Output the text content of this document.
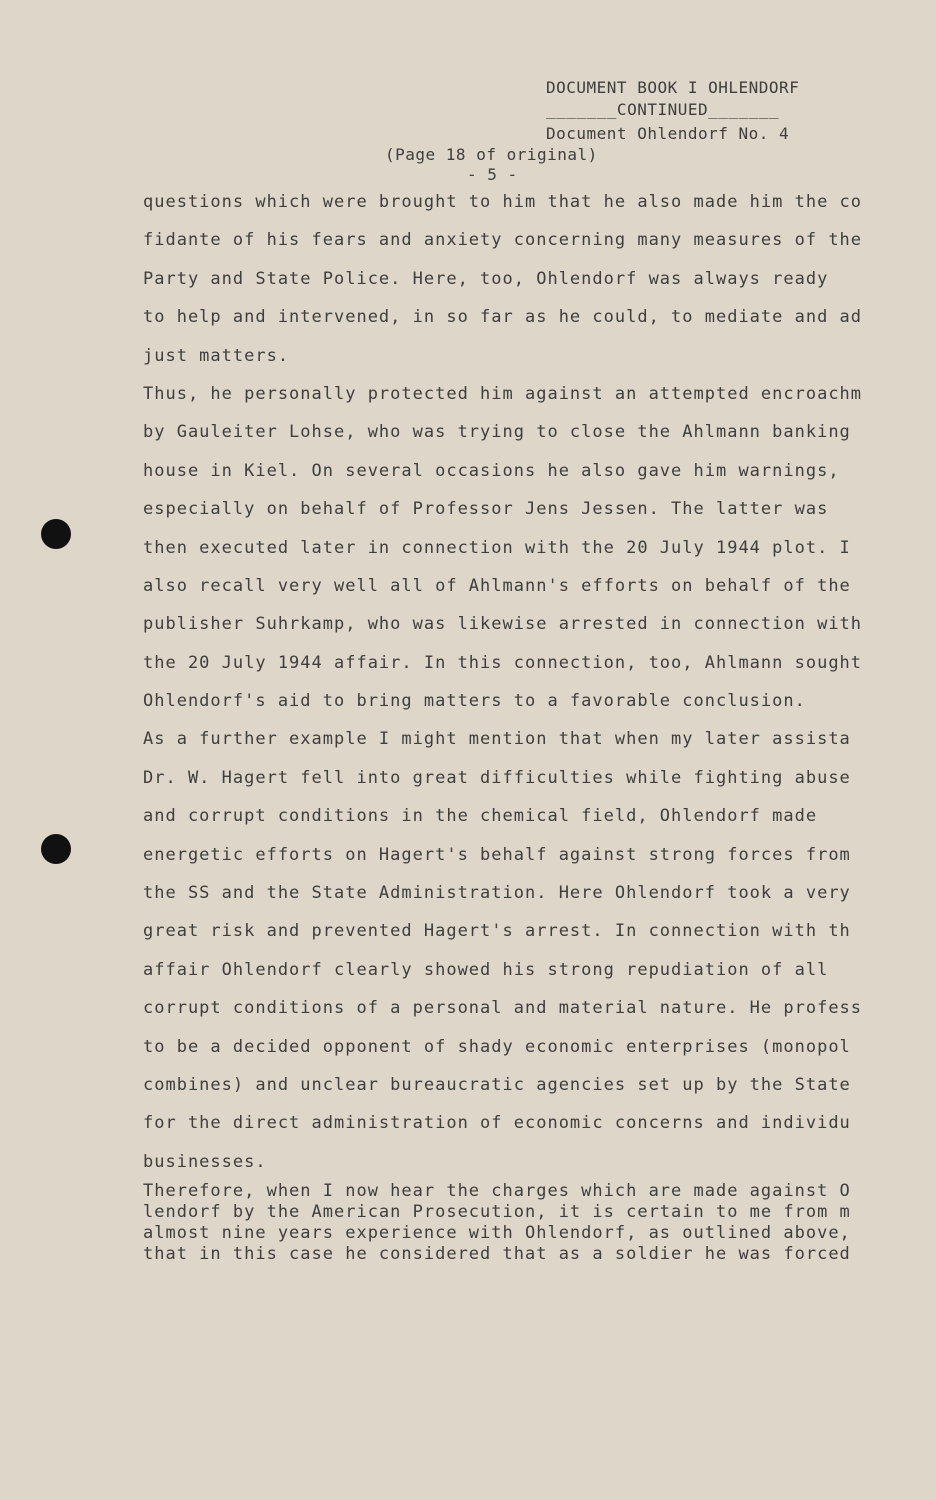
DOCUMENT BOOK I OHLENDORF
_______CONTINUED_______
Document Ohlendorf No. 4
(Page 18 of original)
- 5 -
questions which were brought to him that he also made him the co
fidante of his fears and anxiety concerning many measures of the
Party and State Police. Here, too, Ohlendorf was always ready
to help and intervened, in so far as he could, to mediate and ad
just matters.
Thus, he personally protected him against an attempted encroachm
by Gauleiter Lohse, who was trying to close the Ahlmann banking
house in Kiel. On several occasions he also gave him warnings,
especially on behalf of Professor Jens Jessen. The latter was
then executed later in connection with the 20 July 1944 plot. I
also recall very well all of Ahlmann's efforts on behalf of the
publisher Suhrkamp, who was likewise arrested in connection with
the 20 July 1944 affair. In this connection, too, Ahlmann sought
Ohlendorf's aid to bring matters to a favorable conclusion.
As a further example I might mention that when my later assista
Dr. W. Hagert fell into great difficulties while fighting abuse
and corrupt conditions in the chemical field, Ohlendorf made
energetic efforts on Hagert's behalf against strong forces from
the SS and the State Administration. Here Ohlendorf took a very
great risk and prevented Hagert's arrest. In connection with th
affair Ohlendorf clearly showed his strong repudiation of all
corrupt conditions of a personal and material nature. He profess
to be a decided opponent of shady economic enterprises (monopol
combines) and unclear bureaucratic agencies set up by the State
for the direct administration of economic concerns and individu
businesses.
Therefore, when I now hear the charges which are made against O
lendorf by the American Prosecution, it is certain to me from m
almost nine years experience with Ohlendorf, as outlined above,
that in this case he considered that as a soldier he was forced
